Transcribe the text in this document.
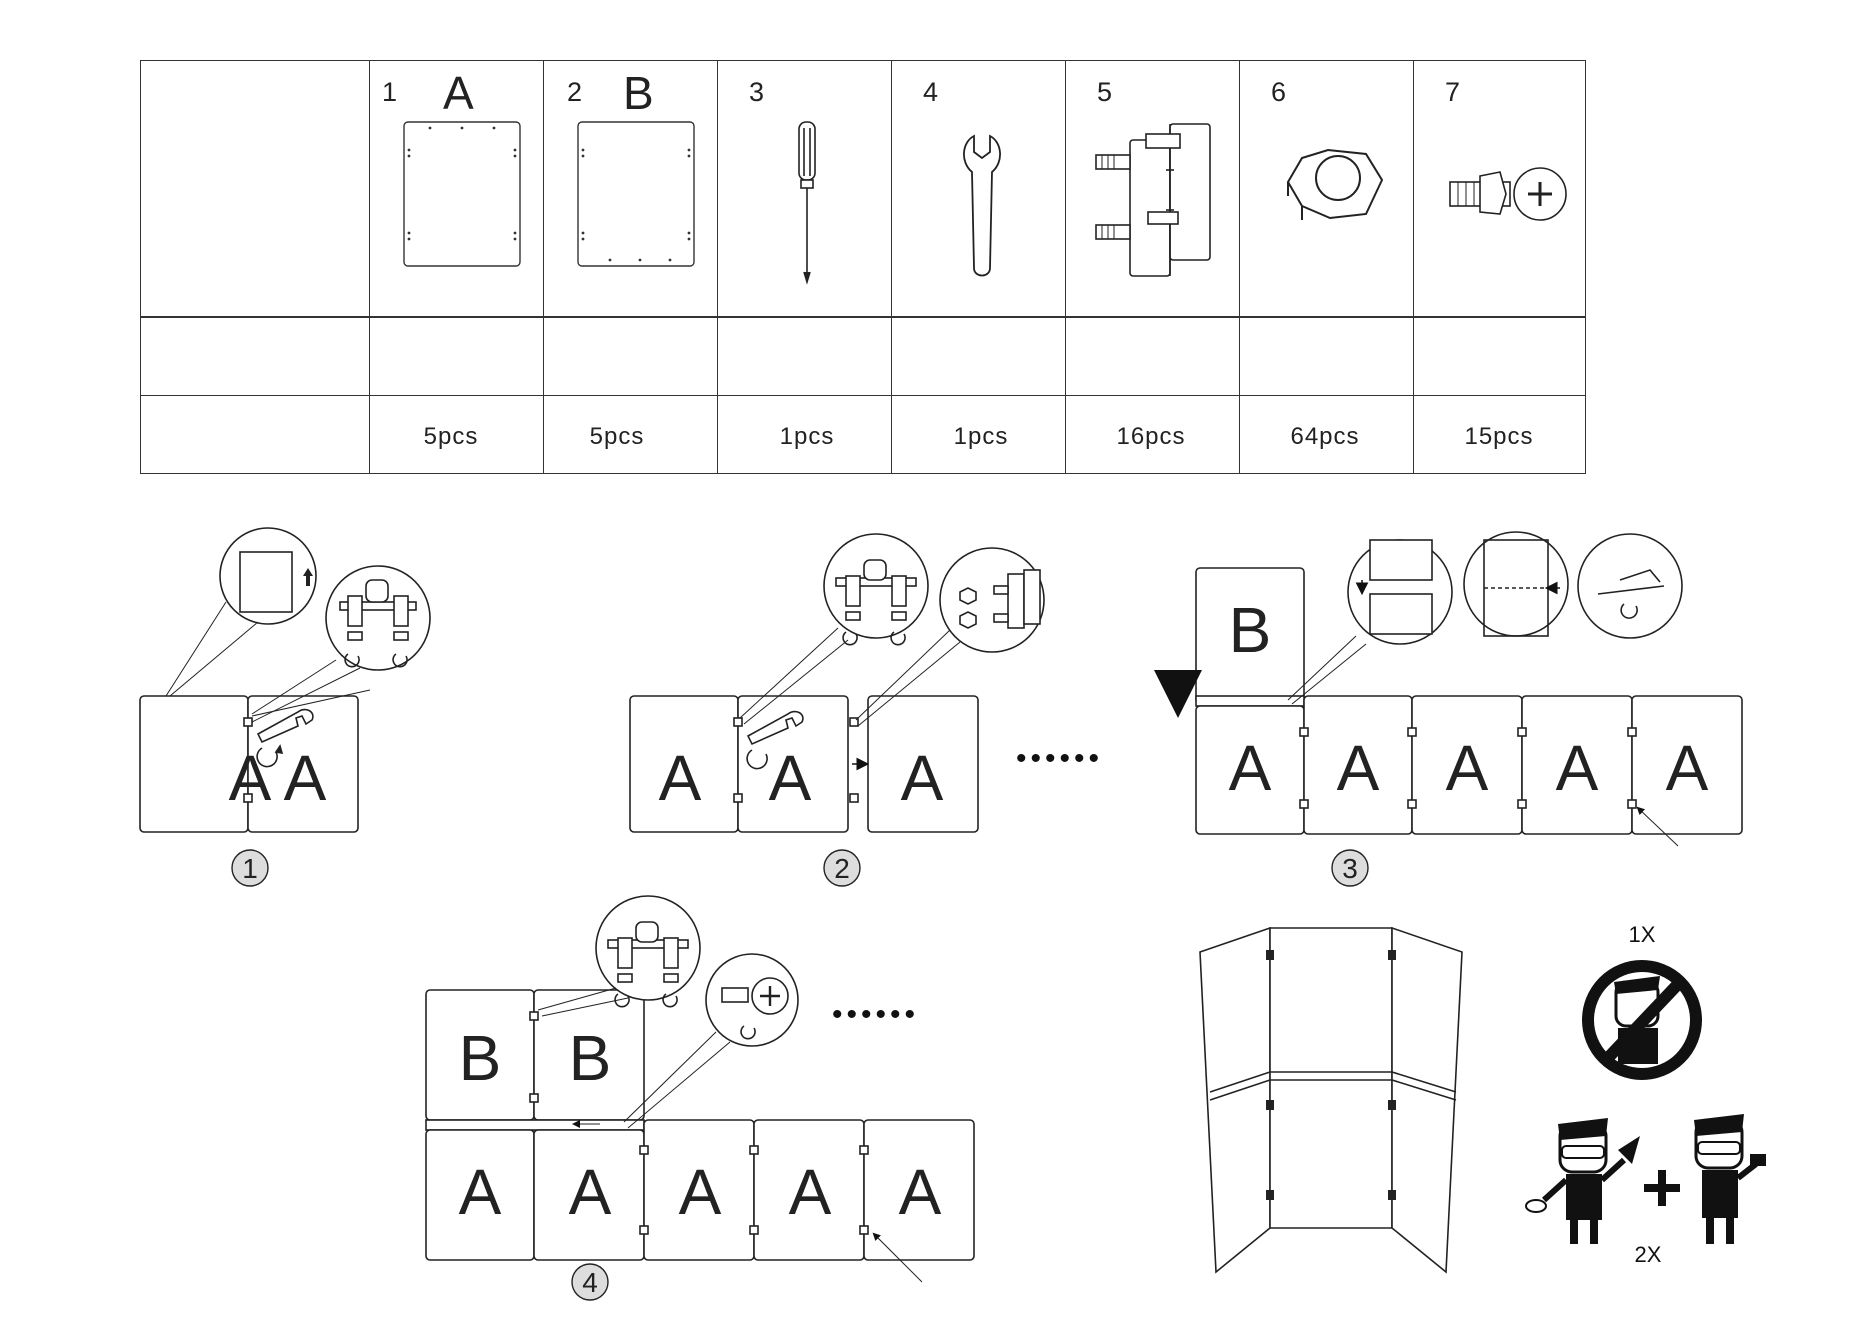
1 A	2 B	3	4	5	6	7
5pcs	5pcs	1pcs	1pcs	16pcs	64pcs	15pcs
A A
1
A A A ••••••
2
B
A A A A A
3
B B
A A A A A
••••••
4
1X
2X
